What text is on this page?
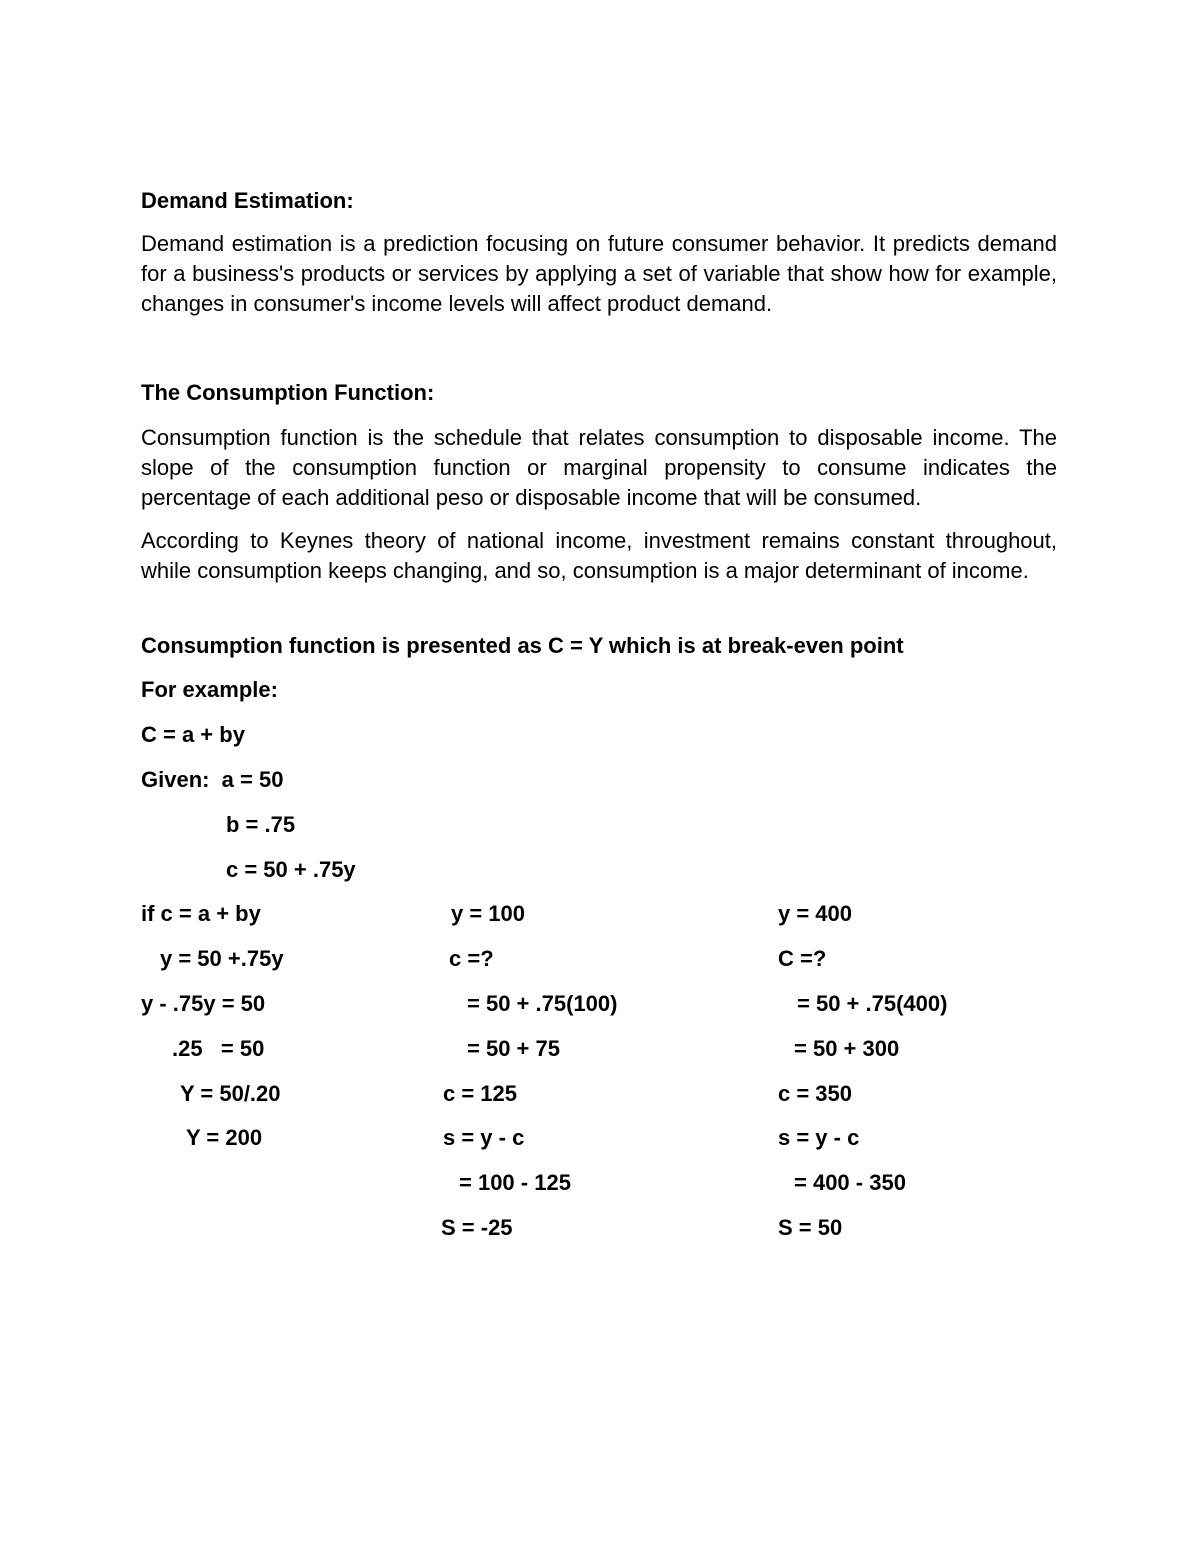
Demand Estimation:
Demand estimation is a prediction focusing on future consumer behavior. It predicts demand for a business's products or services by applying a set of variable that show how for example, changes in consumer's income levels will affect product demand.
The Consumption Function:
Consumption function is the schedule that relates consumption to disposable income. The slope of the consumption function or marginal propensity to consume indicates the percentage of each additional peso or disposable income that will be consumed.
According to Keynes theory of national income, investment remains constant throughout, while consumption keeps changing, and so, consumption is a major determinant of income.
Consumption function is presented as C = Y which is at break-even point
For example:
C = a + by
Given:  a = 50
b = .75
c = 50 + .75y
if c = a + by
y = 50 +.75y
y - .75y = 50
.25   = 50
Y = 50/.20
Y = 200
y = 100
c =?
= 50 + .75(100)
= 50 + 75
c = 125
s = y - c
= 100 - 125
S = -25
y = 400
C =?
= 50 + .75(400)
= 50 + 300
c = 350
s = y - c
= 400 - 350
S = 50
